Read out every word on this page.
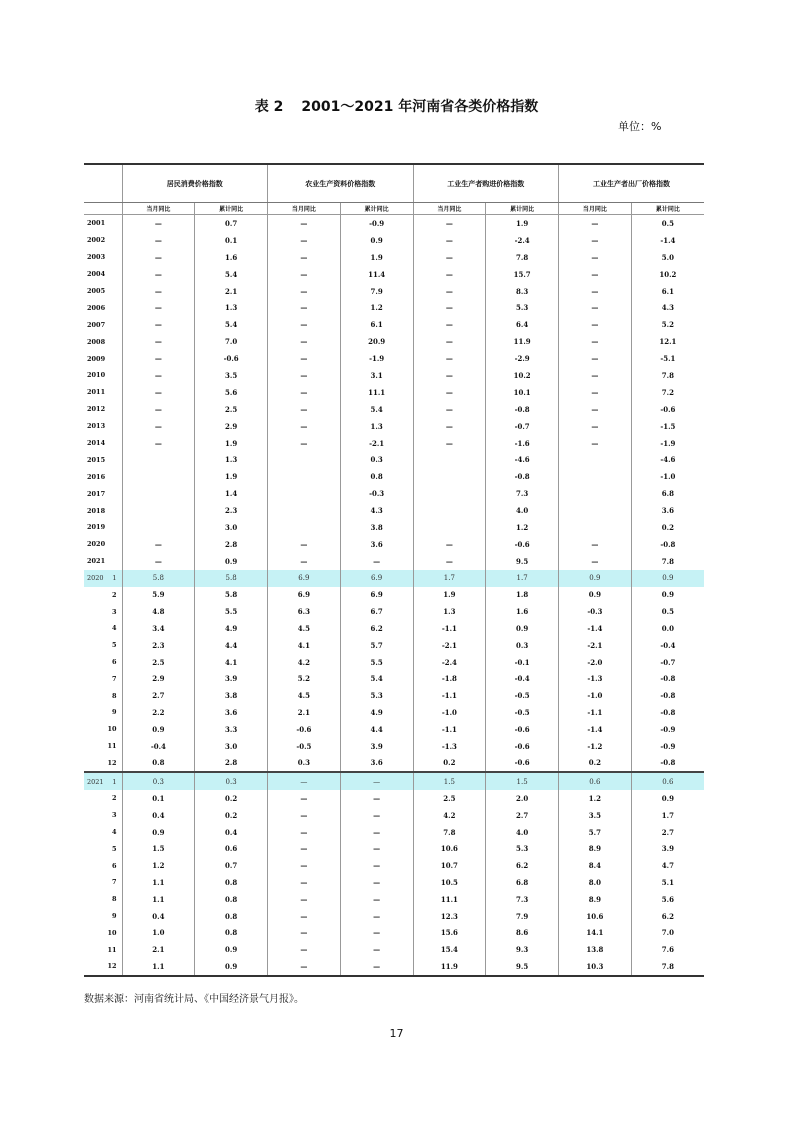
表 2 2001～2021 年河南省各类价格指数
单位：%
	居民消费价格指数		农业生产资料价格指数		工业生产者购进价格指数		工业生产者出厂价格指数	
	当月同比	累计同比	当月同比	累计同比	当月同比	累计同比	当月同比	累计同比
2001	—	0.7	—	-0.9	—	1.9	—	0.5
2002	—	0.1	—	0.9	—	-2.4	—	-1.4
2003	—	1.6	—	1.9	—	7.8	—	5.0
2004	—	5.4	—	11.4	—	15.7	—	10.2
2005	—	2.1	—	7.9	—	8.3	—	6.1
2006	—	1.3	—	1.2	—	5.3	—	4.3
2007	—	5.4	—	6.1	—	6.4	—	5.2
2008	—	7.0	—	20.9	—	11.9	—	12.1
2009	—	-0.6	—	-1.9	—	-2.9	—	-5.1
2010	—	3.5	—	3.1	—	10.2	—	7.8
2011	—	5.6	—	11.1	—	10.1	—	7.2
2012	—	2.5	—	5.4	—	-0.8	—	-0.6
2013	—	2.9	—	1.3	—	-0.7	—	-1.5
2014	—	1.9	—	-2.1	—	-1.6	—	-1.9
2015		1.3		0.3		-4.6		-4.6
2016		1.9		0.8		-0.8		-1.0
2017		1.4		-0.3		7.3		6.8
2018		2.3		4.3		4.0		3.6
2019		3.0		3.8		1.2		0.2
2020	—	2.8	—	3.6	—	-0.6	—	-0.8
2021	—	0.9	—	—	—	9.5	—	7.8

2020 1	5.8	5.8	6.9	6.9	1.7	1.7	0.9	0.9

2	5.9	5.8	6.9	6.9	1.9	1.8	0.9	0.9

3	4.8	5.5	6.3	6.7	1.3	1.6	-0.3	0.5

4	3.4	4.9	4.5	6.2	-1.1	0.9	-1.4	0.0

5	2.3	4.4	4.1	5.7	-2.1	0.3	-2.1	-0.4

6	2.5	4.1	4.2	5.5	-2.4	-0.1	-2.0	-0.7

7	2.9	3.9	5.2	5.4	-1.8	-0.4	-1.3	-0.8

8	2.7	3.8	4.5	5.3	-1.1	-0.5	-1.0	-0.8

9	2.2	3.6	2.1	4.9	-1.0	-0.5	-1.1	-0.8

10	0.9	3.3	-0.6	4.4	-1.1	-0.6	-1.4	-0.9

11	-0.4	3.0	-0.5	3.9	-1.3	-0.6	-1.2	-0.9

12	0.8	2.8	0.3	3.6	0.2	-0.6	0.2	-0.8

2021 1	0.3	0.3	—	—	1.5	1.5	0.6	0.6

2	0.1	0.2	—	—	2.5	2.0	1.2	0.9

3	0.4	0.2	—	—	4.2	2.7	3.5	1.7

4	0.9	0.4	—	—	7.8	4.0	5.7	2.7

5	1.5	0.6	—	—	10.6	5.3	8.9	3.9

6	1.2	0.7	—	—	10.7	6.2	8.4	4.7

7	1.1	0.8	—	—	10.5	6.8	8.0	5.1

8	1.1	0.8	—	—	11.1	7.3	8.9	5.6

9	0.4	0.8	—	—	12.3	7.9	10.6	6.2

10	1.0	0.8	—	—	15.6	8.6	14.1	7.0

11	2.1	0.9	—	—	15.4	9.3	13.8	7.6

12	1.1	0.9	—	—	11.9	9.5	10.3	7.8
数据来源：河南省统计局、《中国经济景气月报》。
17
